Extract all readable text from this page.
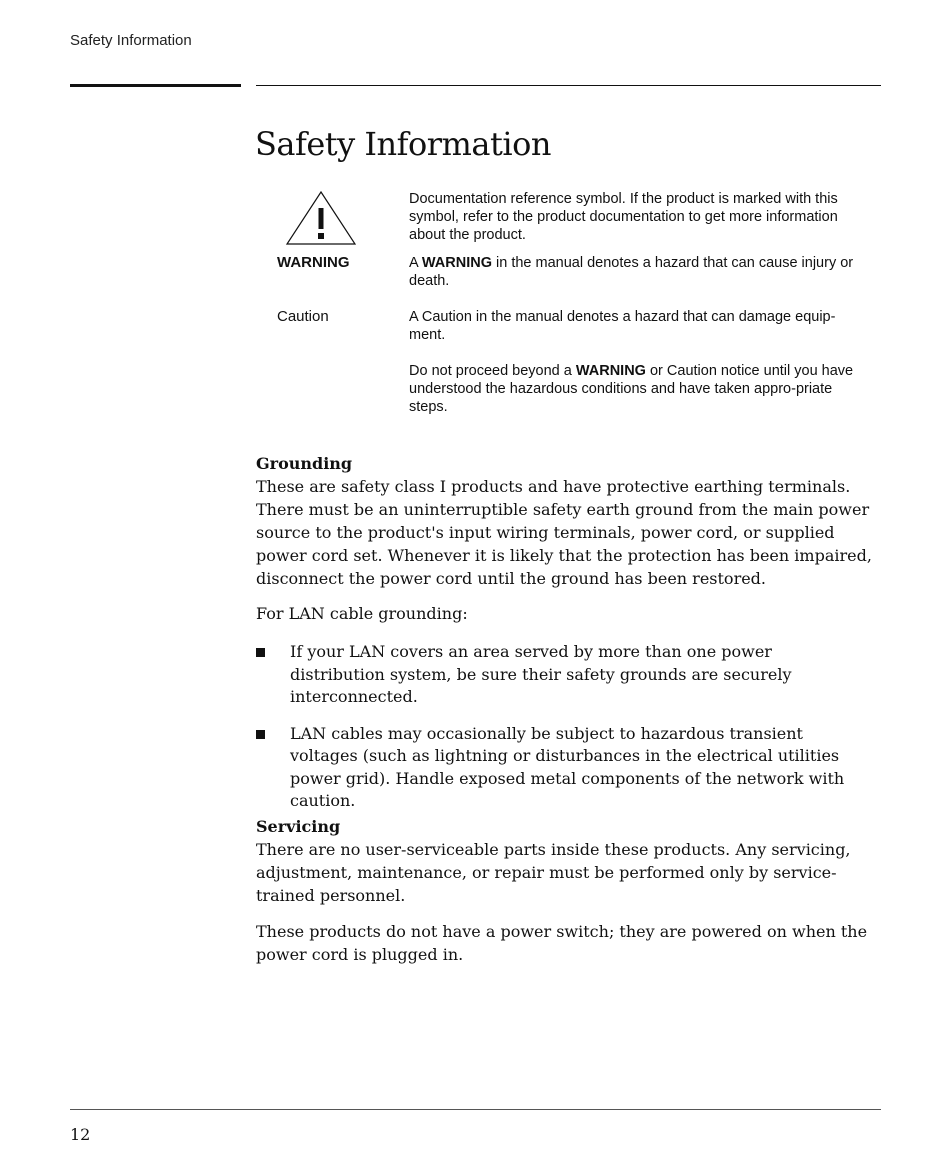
Safety Information
Safety Information
Documentation reference symbol. If the product is marked with this symbol, refer to the product documentation to get more information about the product.
WARNING	A WARNING in the manual denotes a hazard that can cause injury or death.
Caution	A Caution in the manual denotes a hazard that can damage equip-ment.
Do not proceed beyond a WARNING or Caution notice until you have understood the hazardous conditions and have taken appro-priate steps.
Grounding

These are safety class I products and have protective earthing terminals. There must be an uninterruptible safety earth ground from the main power source to the product's input wiring terminals, power cord, or supplied power cord set. Whenever it is likely that the protection has been impaired, disconnect the power cord until the ground has been restored.

For LAN cable grounding:

If your LAN covers an area served by more than one power distribution system, be sure their safety grounds are securely interconnected.
LAN cables may occasionally be subject to hazardous transient voltages (such as lightning or disturbances in the electrical utilities power grid). Handle exposed metal components of the network with caution.
Servicing

There are no user-serviceable parts inside these products. Any servicing, adjustment, maintenance, or repair must be performed only by service-trained personnel.

These products do not have a power switch; they are powered on when the power cord is plugged in.

12
